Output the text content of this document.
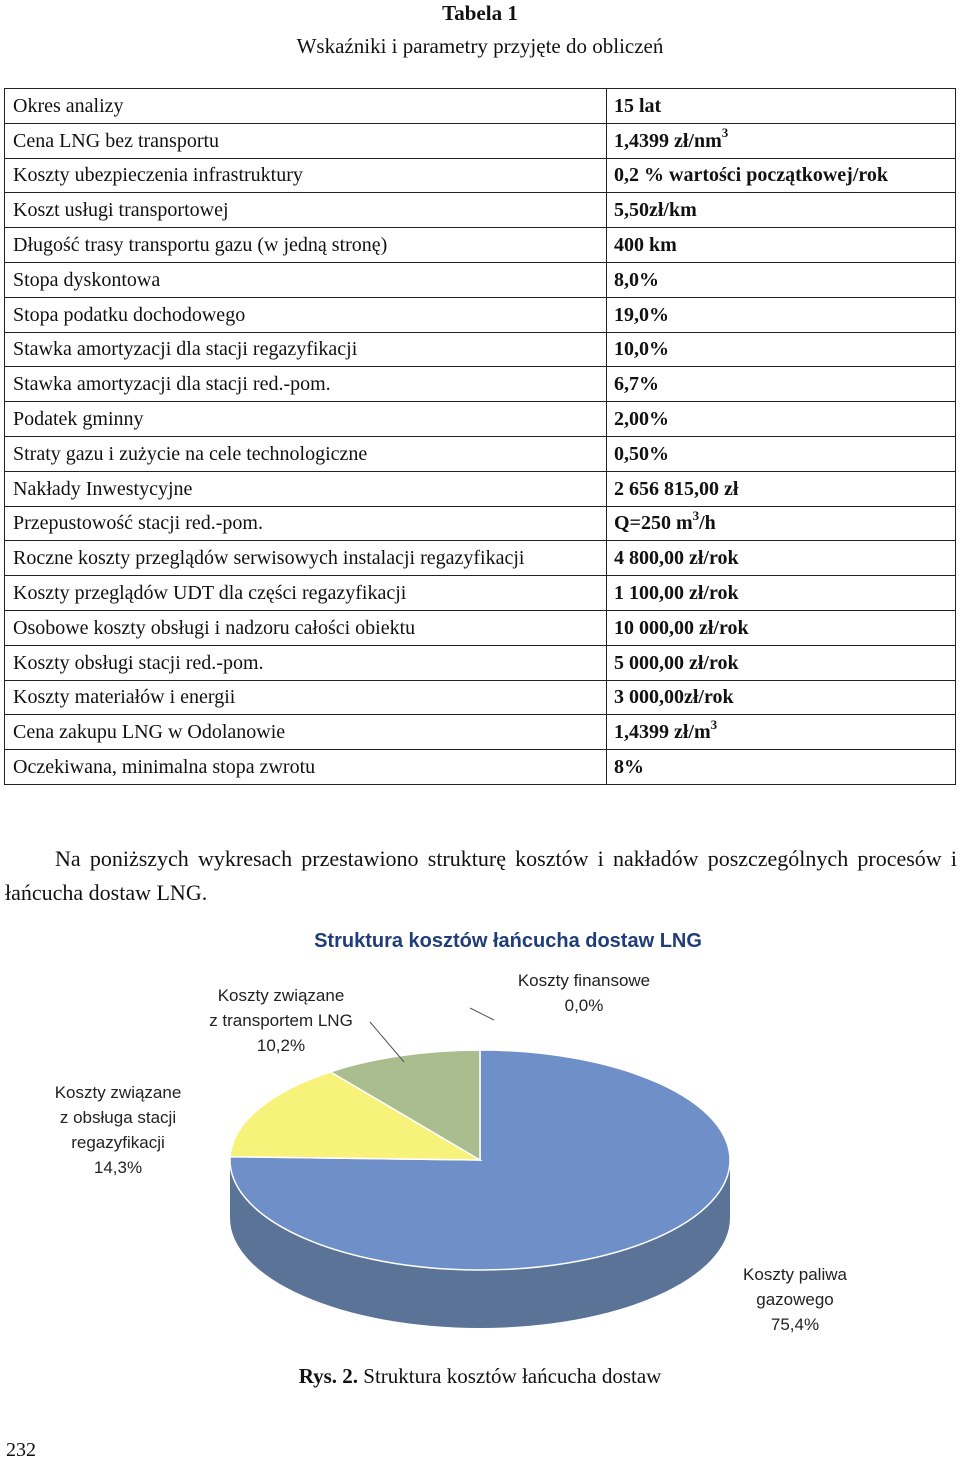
Tabela 1
Wskaźniki i parametry przyjęte do obliczeń
Okres analizy	15 lat
Cena LNG bez transportu	1,4399 $zł/nm^3$
Koszty ubezpieczenia infrastruktury	0,2 % wartości początkowej/rok
Koszt usługi transportowej	5,50zł/km
Długość trasy transportu gazu (w jedną stronę)	400 km
Stopa dyskontowa	8,0%
Stopa podatku dochodowego	19,0%
Stawka amortyzacji dla stacji regazyfikacji	10,0%
Stawka amortyzacji dla stacji red.-pom.	6,7%
Podatek gminny	2,00%
Straty gazu i zużycie na cele technologiczne	0,50%
Nakłady Inwestycyjne	2 656 815,00 zł
Przepustowość stacji red.-pom.	Q=250 $m^3/h$
Roczne koszty przeglądów serwisowych instalacji regazyfikacji	4 800,00 zł/rok
Koszty przeglądów UDT dla części regazyfikacji	1 100,00 zł/rok
Osobowe koszty obsługi i nadzoru całości obiektu	10 000,00 zł/rok
Koszty obsługi stacji red.-pom.	5 000,00 zł/rok
Koszty materiałów i energii	3 000,00zł/rok
Cena zakupu LNG w Odolanowie	1,4399 $zł/m^3$
Oczekiwana, minimalna stopa zwrotu	8%
Na poniższych wykresach przestawiono strukturę kosztów i nakładów poszczególnych procesów i łańcucha dostaw LNG.
Struktura kosztów łańcucha dostaw LNG
Koszty paliwa
gazowego
75,4%
Koszty związane
z obsługa stacji
regazyfikacji
14,3%
Koszty związane
z transportem LNG
10,2%
Koszty finansowe
0,0%
Rys. 2. Struktura kosztów łańcucha dostaw
232
